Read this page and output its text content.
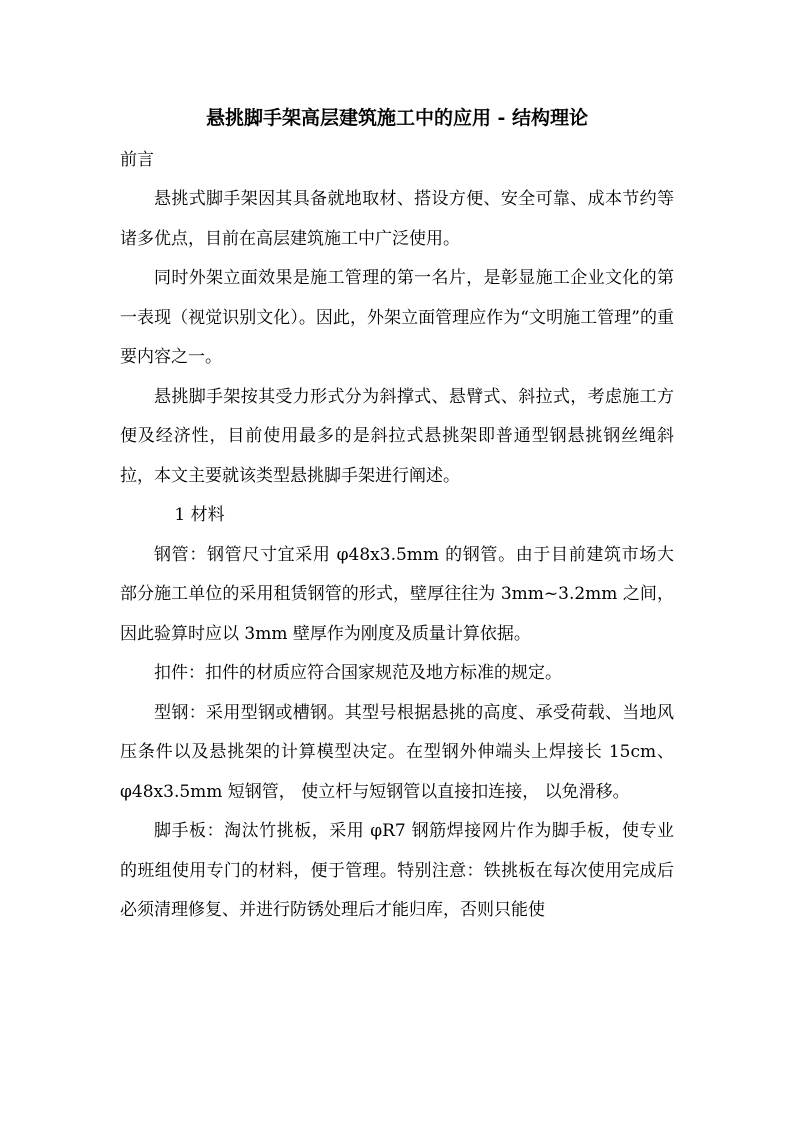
悬挑脚手架高层建筑施工中的应用 - 结构理论

前言

悬挑式脚手架因其具备就地取材、搭设方便、安全可靠、成本节约等诸多优点，目前在高层建筑施工中广泛使用。

同时外架立面效果是施工管理的第一名片，是彰显施工企业文化的第一表现（视觉识别文化）。因此，外架立面管理应作为“文明施工管理”的重要内容之一。

悬挑脚手架按其受力形式分为斜撑式、悬臂式、斜拉式，考虑施工方便及经济性，目前使用最多的是斜拉式悬挑架即普通型钢悬挑钢丝绳斜拉，本文主要就该类型悬挑脚手架进行阐述。

1 材料

钢管：钢管尺寸宜采用 φ48x3.5mm 的钢管。由于目前建筑市场大部分施工单位的采用租赁钢管的形式，壁厚往往为 3mm~3.2mm 之间，因此验算时应以 3mm 壁厚作为刚度及质量计算依据。

扣件：扣件的材质应符合国家规范及地方标准的规定。

型钢：采用型钢或槽钢。其型号根据悬挑的高度、承受荷载、当地风压条件以及悬挑架的计算模型决定。在型钢外伸端头上焊接长 15cm、φ48x3.5mm 短钢管， 使立杆与短钢管以直接扣连接， 以免滑移。

脚手板：淘汰竹挑板，采用 φR7 钢筋焊接网片作为脚手板，使专业的班组使用专门的材料，便于管理。特别注意：铁挑板在每次使用完成后必须清理修复、并进行防锈处理后才能归库，否则只能使
